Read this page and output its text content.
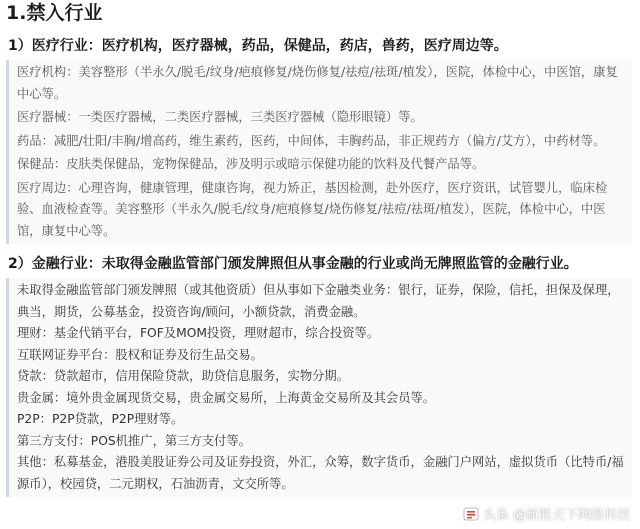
1.禁入行业
1）医疗行业：医疗机构，医疗器械，药品，保健品，药店，兽药，医疗周边等。

医疗机构：美容整形（半永久/脱毛/纹身/疤痕修复/烧伤修复/祛痘/祛斑/植发），医院，体检中心，中医馆，康复中心等。

医疗器械：一类医疗器械，二类医疗器械，三类医疗器械（隐形眼镜）等。

药品：减肥/壮阳/丰胸/增高药，维生素药，医药，中间体，丰胸药品，非正规药方（偏方/艾方），中药材等。

保健品：皮肤类保健品，宠物保健品，涉及明示或暗示保健功能的饮料及代餐产品等。

医疗周边：心理咨询，健康管理，健康咨询，视力矫正，基因检测，赴外医疗，医疗资讯，试管婴儿，临床检验、血液检查等。美容整形（半永久/脱毛/纹身/疤痕修复/烧伤修复/祛痘/祛斑/植发），医院，体检中心，中医馆，康复中心等。

2）金融行业：未取得金融监管部门颁发牌照但从事金融的行业或尚无牌照监管的金融行业。

未取得金融监管部门颁发牌照（或其他资质）但从事如下金融类业务：银行，证券，保险，信托，担保及保理，典当，期货，公募基金，投资咨询/顾问，小额贷款，消费金融。

理财：基金代销平台，FOF及MOM投资，理财超市，综合投资等。

互联网证券平台：股权和证券及衍生品交易。

贷款：贷款超市，信用保险贷款，助贷信息服务，实物分期。

贵金属：境外贵金属现货交易，贵金属交易所，上海黄金交易所及其会员等。

P2P：P2P贷款，P2P理财等。

第三方支付：POS机推广，第三方支付等。

其他：私募基金，港股美股证券公司及证券投资，外汇，众筹，数字货币，金融门户网站，虚拟货币（比特币/福源币），校园贷，二元期权，石油沥青，文交所等。

头条 @新胜天下网络科技
